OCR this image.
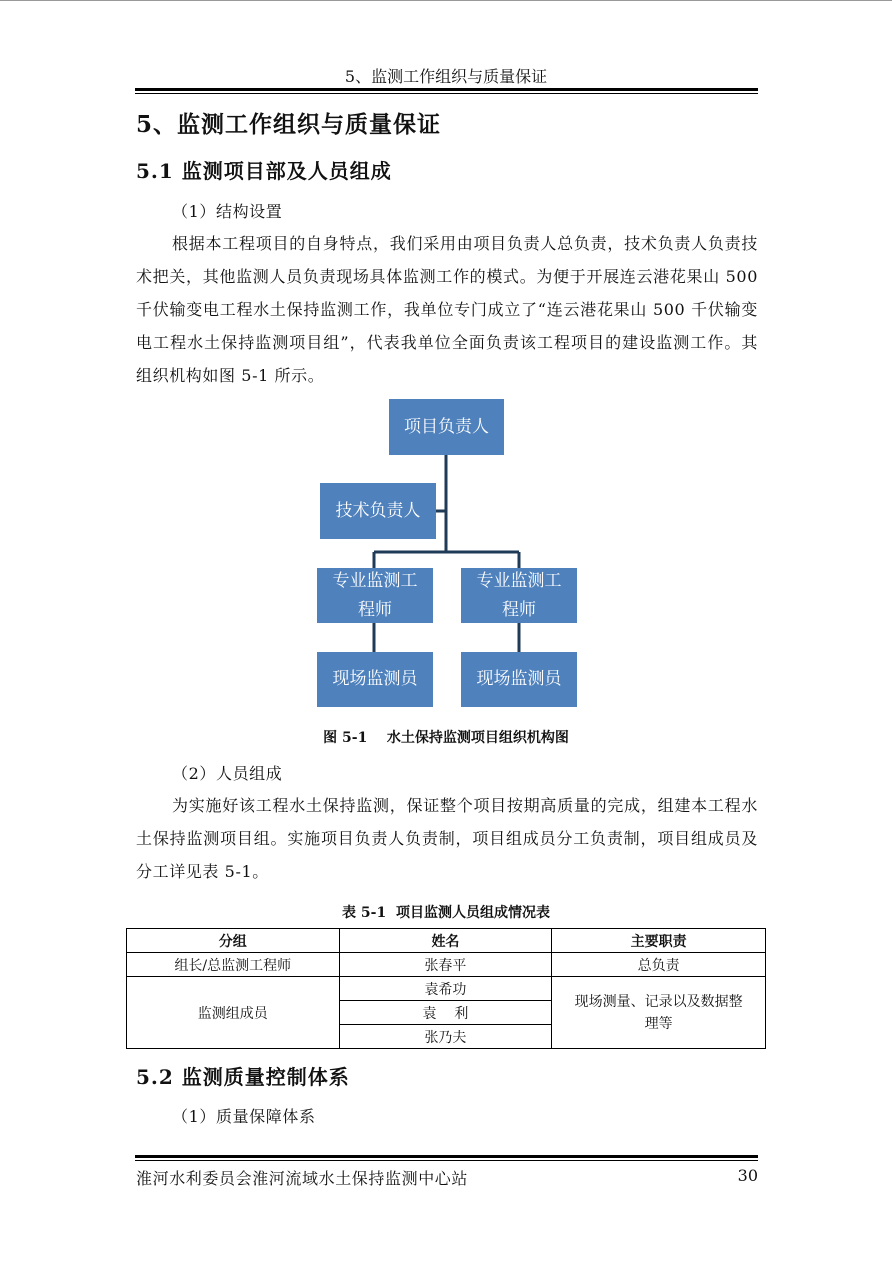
5、监测工作组织与质量保证
5、监测工作组织与质量保证
5.1 监测项目部及人员组成
（1）结构设置

根据本工程项目的自身特点，我们采用由项目负责人总负责，技术负责人负责技术把关，其他监测人员负责现场具体监测工作的模式。为便于开展连云港花果山 500 千伏输变电工程水土保持监测工作，我单位专门成立了“连云港花果山 500 千伏输变电工程水土保持监测项目组”，代表我单位全面负责该工程项目的建设监测工作。其组织机构如图 5-1 所示。

项目负责人
技术负责人
专业监测工程师
专业监测工程师
现场监测员	现场监测员
图 5-1    水土保持监测项目组织机构图
（2）人员组成

为实施好该工程水土保持监测，保证整个项目按期高质量的完成，组建本工程水土保持监测项目组。实施项目负责人负责制，项目组成员分工负责制，项目组成员及分工详见表 5-1。

表 5-1  项目监测人员组成情况表
分组	姓名	主要职责
组长/总监测工程师	张春平	总负责
监测组成员	袁希功	现场测量、记录以及数据整理等
	袁    利	
	张乃夫	
5.2 监测质量控制体系
（1）质量保障体系
淮河水利委员会淮河流域水土保持监测中心站	30
